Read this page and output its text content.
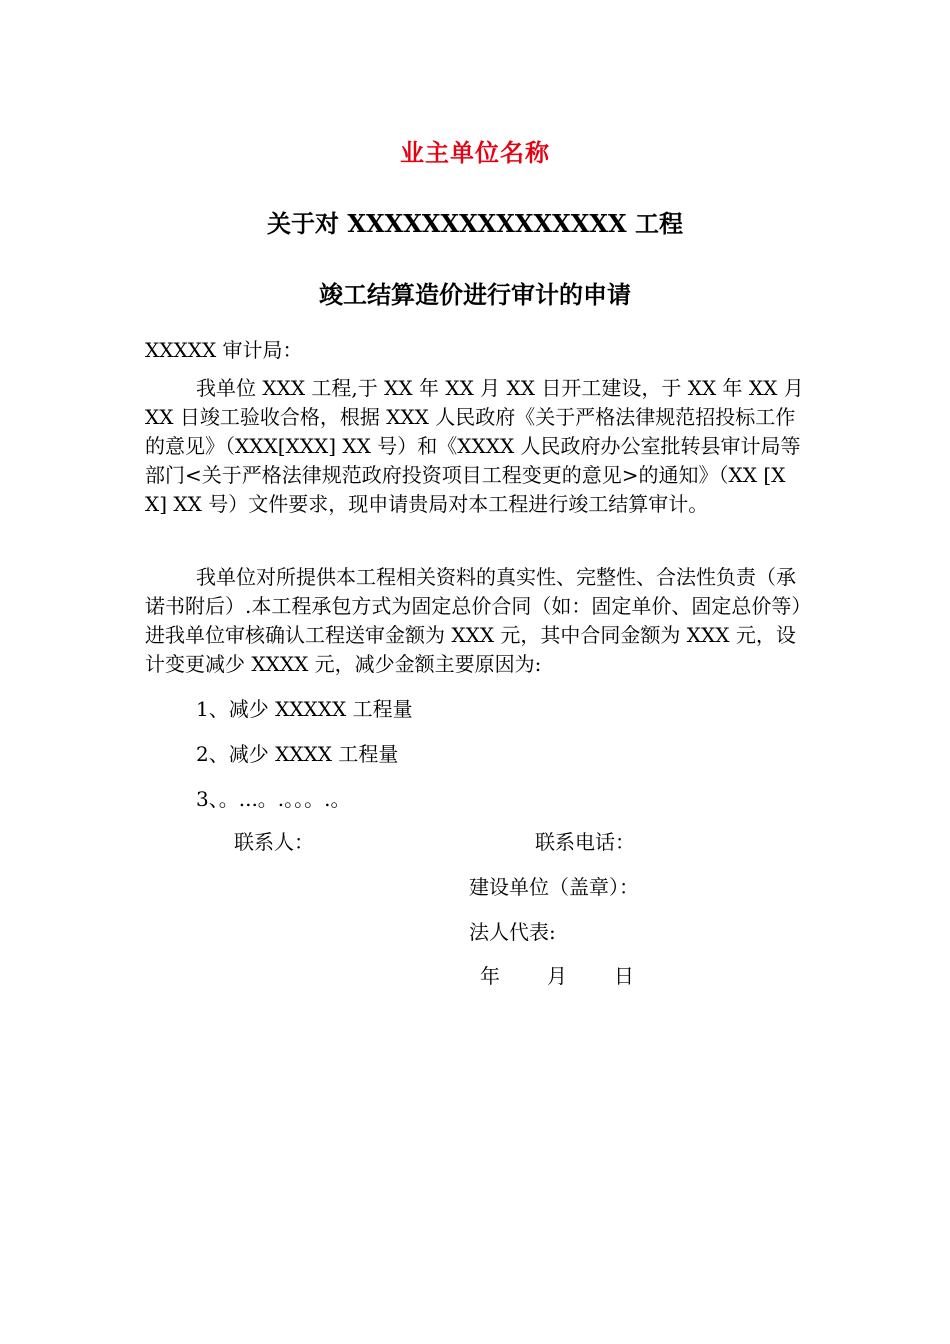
业主单位名称
关于对 XXXXXXXXXXXXXXX 工程
竣工结算造价进行审计的申请
XXXXX 审计局：

我单位 XXX 工程,于 XX 年 XX 月 XX 日开工建设，于 XX 年 XX 月 XX 日竣工验收合格，根据 XXX 人民政府《关于严格法律规范招投标工作的意见》（XXX[XXX] XX 号）和《XXXX 人民政府办公室批转县审计局等部门<关于严格法律规范政府投资项目工程变更的意见>的通知》（XX [XX] XX 号）文件要求，现申请贵局对本工程进行竣工结算审计。

我单位对所提供本工程相关资料的真实性、完整性、合法性负责（承诺书附后）.本工程承包方式为固定总价合同（如：固定单价、固定总价等）进我单位审核确认工程送审金额为 XXX 元，其中合同金额为 XXX 元，设计变更减少 XXXX 元，减少金额主要原因为:

1、减少 XXXXX 工程量
2、减少 XXXX 工程量
3、。...。.。。。.。
联系人：	联系电话：
建设单位（盖章）：
法人代表:
年 月 日
